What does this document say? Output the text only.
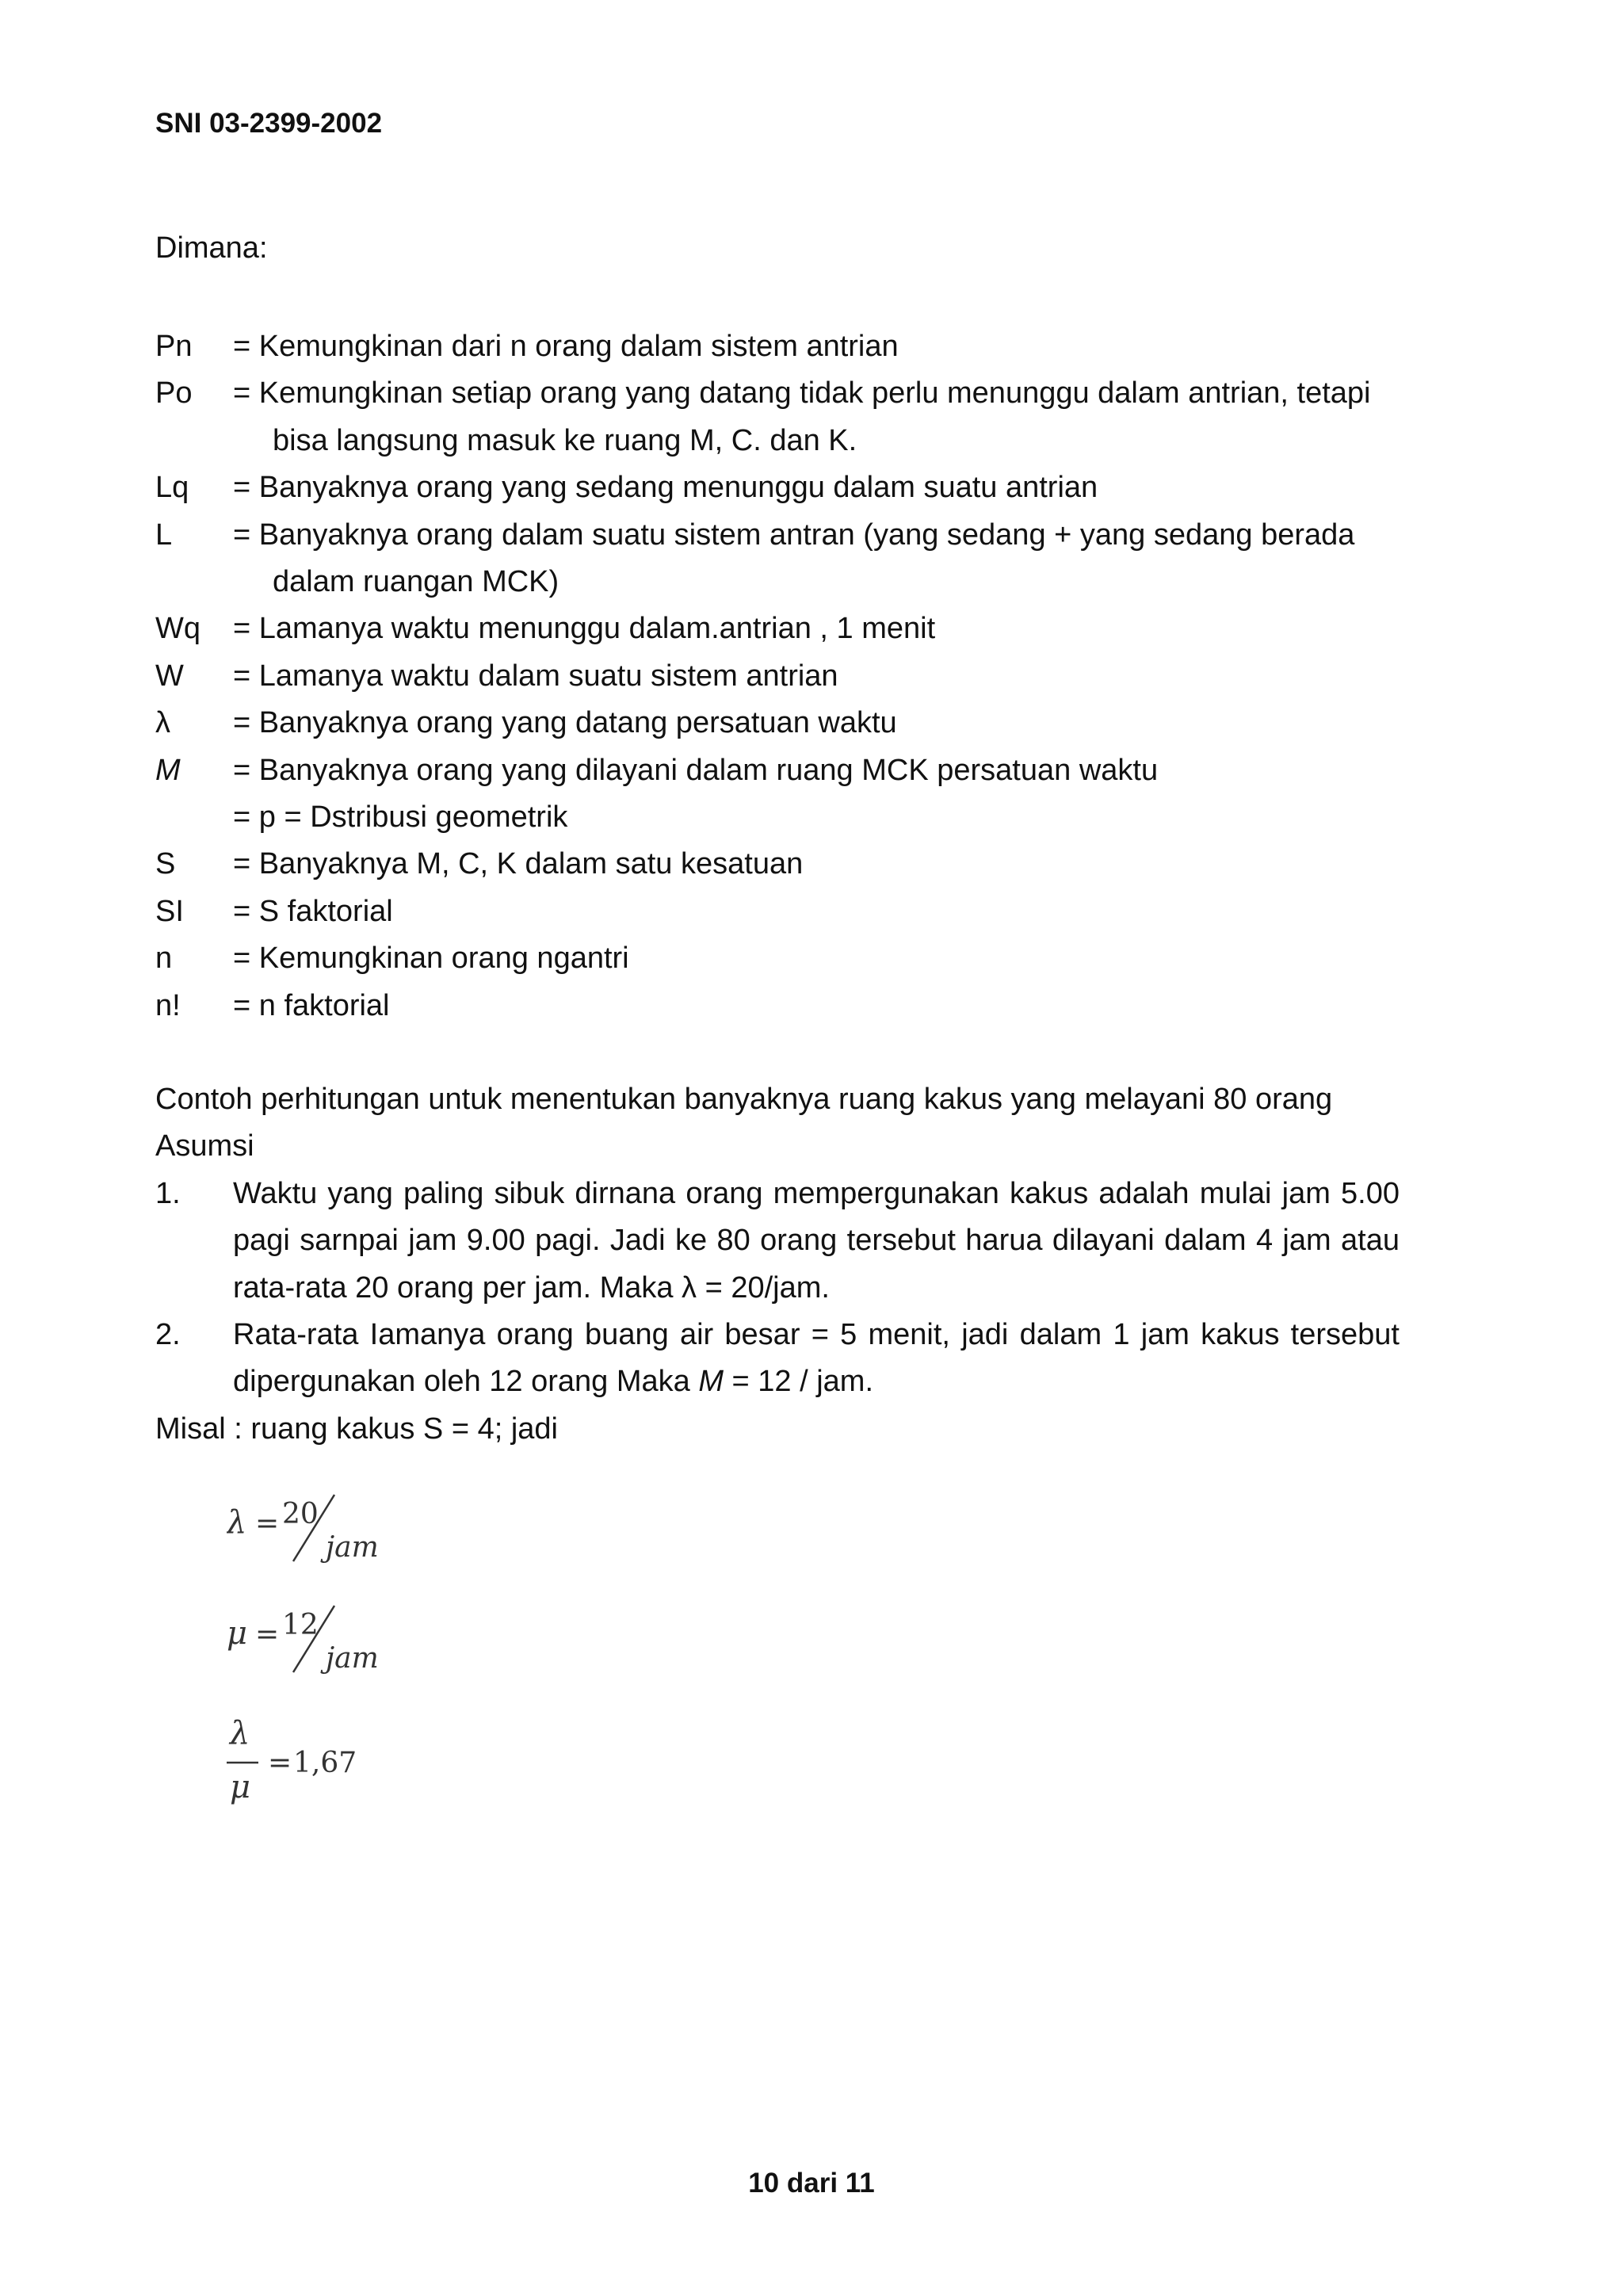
SNI 03-2399-2002
Dimana:
Pn	= Kemungkinan dari n orang dalam sistem antrian
Po	= Kemungkinan setiap orang yang datang tidak perlu menunggu dalam antrian, tetapi
bisa langsung masuk ke ruang M, C. dan K.
Lq	= Banyaknya orang yang sedang menunggu dalam suatu antrian
L	= Banyaknya orang dalam suatu sistem antran (yang sedang + yang sedang berada
dalam ruangan MCK)
Wq	= Lamanya waktu menunggu dalam.antrian , 1 menit
W	= Lamanya waktu dalam suatu sistem antrian
λ	= Banyaknya orang yang datang persatuan waktu
M	= Banyaknya orang yang dilayani dalam ruang MCK persatuan waktu
= p = Dstribusi geometrik
S	= Banyaknya M, C, K dalam satu kesatuan
SI	= S faktorial
n	= Kemungkinan orang ngantri
n!	= n faktorial

Contoh perhitungan untuk menentukan banyaknya ruang kakus yang melayani 80 orang

Asumsi

1.	Waktu yang paling sibuk dirnana orang mempergunakan kakus adalah mulai jam 5.00 pagi sarnpai jam 9.00 pagi. Jadi ke 80 orang tersebut harua dilayani dalam 4 jam atau rata-rata 20 orang per jam. Maka λ = 20/jam.
2.	Rata-rata Iamanya orang buang air besar = 5 menit, jadi dalam 1 jam kakus tersebut dipergunakan oleh 12 orang Maka M = 12 / jam.

Misal : ruang kakus S = 4; jadi

λ = 20
jam
μ = 12
jam
λ
μ
= 1,67
10 dari 11
